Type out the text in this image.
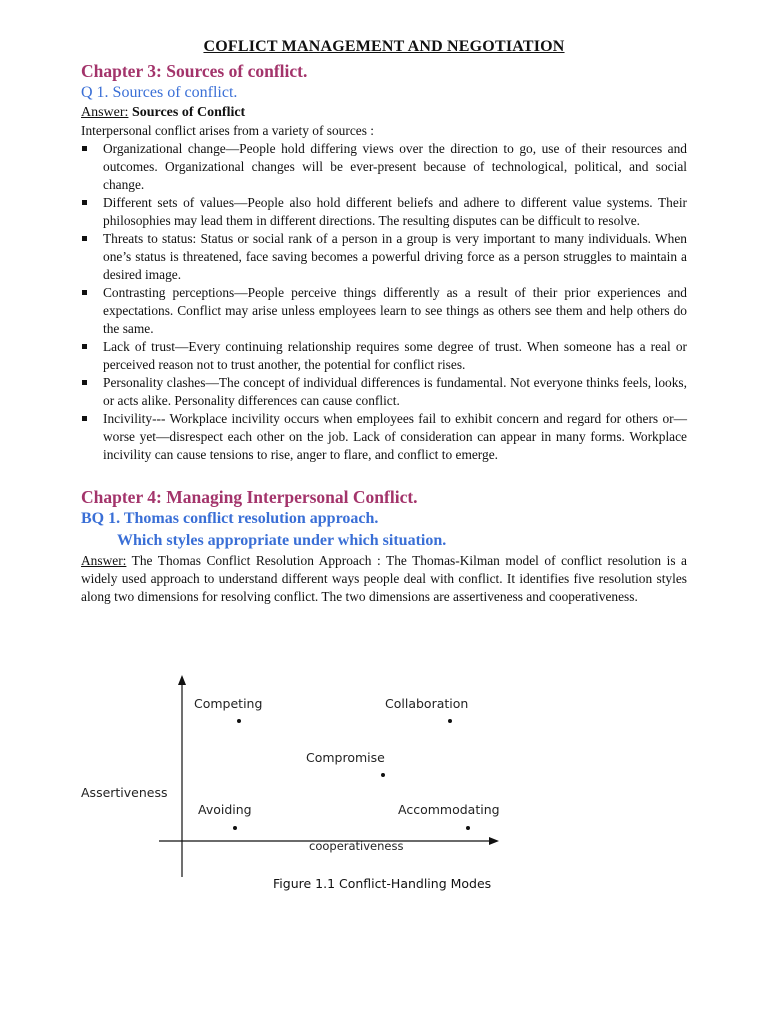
COFLICT MANAGEMENT AND NEGOTIATION
Chapter 3: Sources of conflict.
Q 1. Sources of conflict.
Answer: Sources of Conflict

Interpersonal conflict arises from a variety of sources :

Organizational change—People hold differing views over the direction to go, use of their resources and outcomes. Organizational changes will be ever-present because of technological, political, and social change.
Different sets of values—People also hold different beliefs and adhere to different value systems. Their philosophies may lead them in different directions. The resulting disputes can be difficult to resolve.
Threats to status: Status or social rank of a person in a group is very important to many individuals. When one’s status is threatened, face saving becomes a powerful driving force as a person struggles to maintain a desired image.
Contrasting perceptions—People perceive things differently as a result of their prior experiences and expectations. Conflict may arise unless employees learn to see things as others see them and help others do the same.
Lack of trust—Every continuing relationship requires some degree of trust. When someone has a real or perceived reason not to trust another, the potential for conflict rises.
Personality clashes—The concept of individual differences is fundamental. Not everyone thinks feels, looks, or acts alike. Personality differences can cause conflict.
Incivility--- Workplace incivility occurs when employees fail to exhibit concern and regard for others or—worse yet—disrespect each other on the job. Lack of consideration can appear in many forms. Workplace incivility can cause tensions to rise, anger to flare, and conflict to emerge.
Chapter 4: Managing Interpersonal Conflict.
BQ 1. Thomas conflict resolution approach.
Which styles appropriate under which situation.

Answer: The Thomas Conflict Resolution Approach : The Thomas-Kilman model of conflict resolution is a widely used approach to understand different ways people deal with conflict. It identifies five resolution styles along two dimensions for resolving conflict. The two dimensions are assertiveness and cooperativeness.

Competing	Collaboration
Compromise
Assertiveness
Avoiding	Accommodating
cooperativeness
Figure 1.1 Conflict-Handling Modes
